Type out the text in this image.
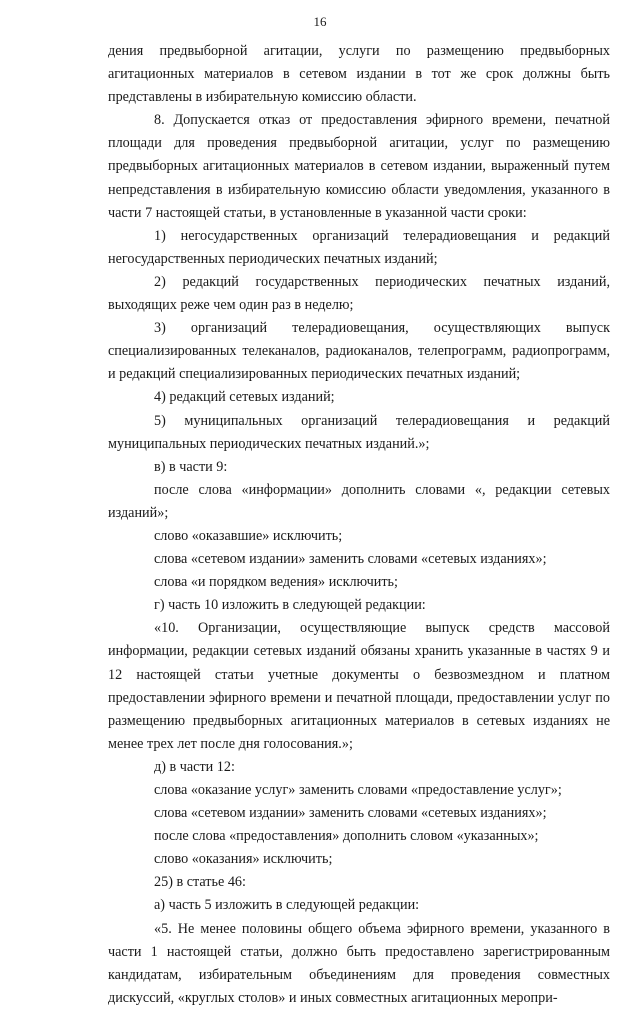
16

дения предвыборной агитации, услуги по размещению предвыборных агитационных материалов в сетевом издании в тот же срок должны быть представлены в избирательную комиссию области.

8. Допускается отказ от предоставления эфирного времени, печатной площади для проведения предвыборной агитации, услуг по размещению предвыборных агитационных материалов в сетевом издании, выраженный путем непредставления в избирательную комиссию области уведомления, указанного в части 7 настоящей статьи, в установленные в указанной части сроки:

1) негосударственных организаций телерадиовещания и редакций негосударственных периодических печатных изданий;

2) редакций государственных периодических печатных изданий, выходящих реже чем один раз в неделю;

3) организаций телерадиовещания, осуществляющих выпуск специализированных телеканалов, радиоканалов, телепрограмм, радиопрограмм, и редакций специализированных периодических печатных изданий;

4) редакций сетевых изданий;

5) муниципальных организаций телерадиовещания и редакций муниципальных периодических печатных изданий.»;

в) в части 9:

после слова «информации» дополнить словами «, редакции сетевых изданий»;

слово «оказавшие» исключить;

слова «сетевом издании» заменить словами «сетевых изданиях»;

слова «и порядком ведения» исключить;

г) часть 10 изложить в следующей редакции:

«10. Организации, осуществляющие выпуск средств массовой информации, редакции сетевых изданий обязаны хранить указанные в частях 9 и 12 настоящей статьи учетные документы о безвозмездном и платном предоставлении эфирного времени и печатной площади, предоставлении услуг по размещению предвыборных агитационных материалов в сетевых изданиях не менее трех лет после дня голосования.»;

д) в части 12:

слова «оказание услуг» заменить словами «предоставление услуг»;

слова «сетевом издании» заменить словами «сетевых изданиях»;

после слова «предоставления» дополнить словом «указанных»;

слово «оказания» исключить;

25) в статье 46:

а) часть 5 изложить в следующей редакции:

«5. Не менее половины общего объема эфирного времени, указанного в части 1 настоящей статьи, должно быть предоставлено зарегистрированным кандидатам, избирательным объединениям для проведения совместных дискуссий, «круглых столов» и иных совместных агитационных меропри-
